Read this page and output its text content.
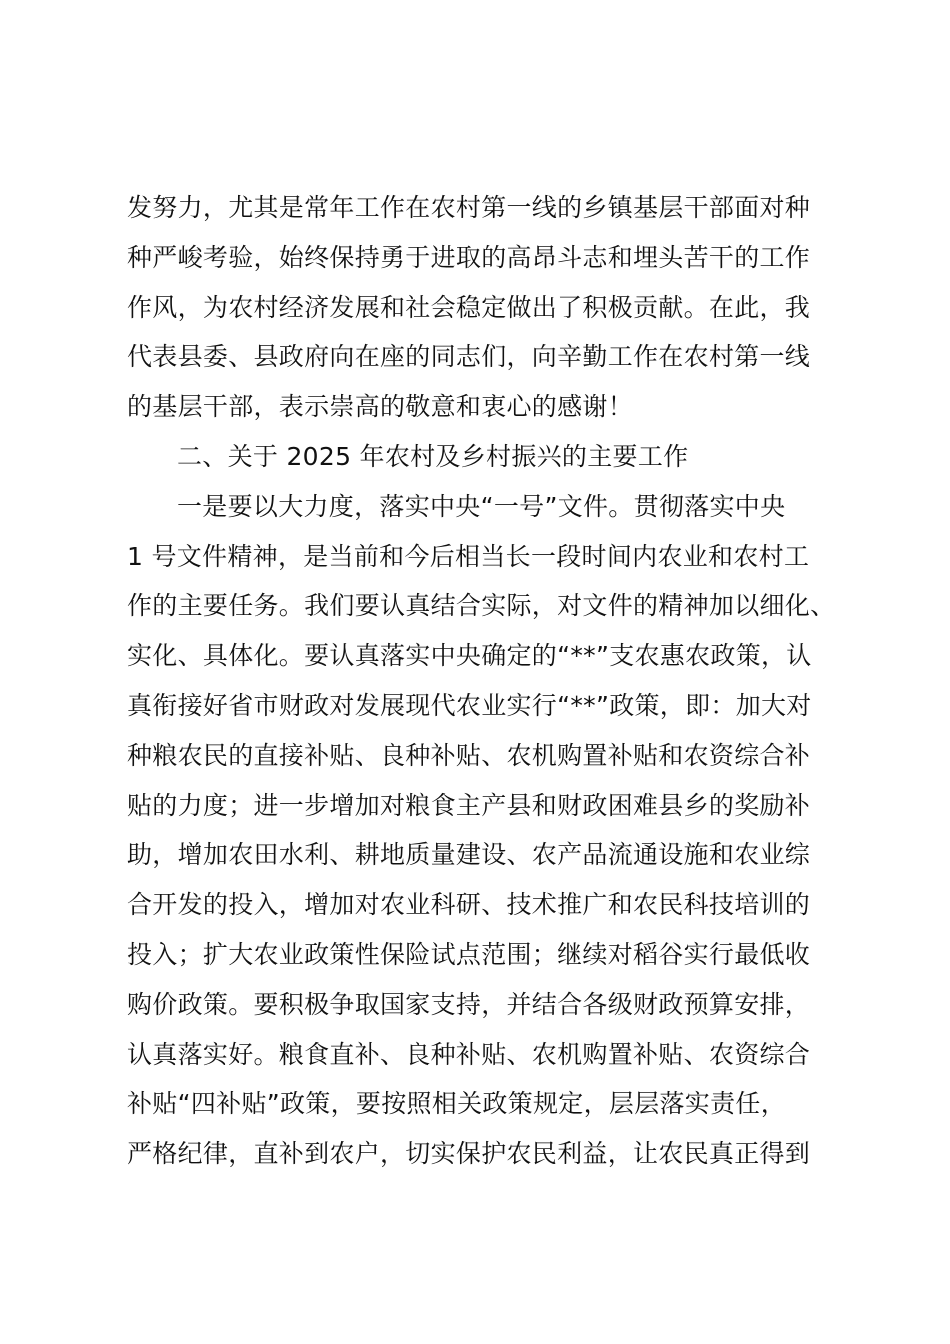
发努力，尤其是常年工作在农村第一线的乡镇基层干部面对种
种严峻考验，始终保持勇于进取的高昂斗志和埋头苦干的工作
作风，为农村经济发展和社会稳定做出了积极贡献。在此，我
代表县委、县政府向在座的同志们，向辛勤工作在农村第一线
的基层干部，表示崇高的敬意和衷心的感谢！
二、关于 2025 年农村及乡村振兴的主要工作
一是要以大力度，落实中央“一号”文件。贯彻落实中央
1 号文件精神，是当前和今后相当长一段时间内农业和农村工
作的主要任务。我们要认真结合实际，对文件的精神加以细化、
实化、具体化。要认真落实中央确定的“**”支农惠农政策，认
真衔接好省市财政对发展现代农业实行“**”政策，即：加大对
种粮农民的直接补贴、良种补贴、农机购置补贴和农资综合补
贴的力度；进一步增加对粮食主产县和财政困难县乡的奖励补
助，增加农田水利、耕地质量建设、农产品流通设施和农业综
合开发的投入，增加对农业科研、技术推广和农民科技培训的
投入；扩大农业政策性保险试点范围；继续对稻谷实行最低收
购价政策。要积极争取国家支持，并结合各级财政预算安排，
认真落实好。粮食直补、良种补贴、农机购置补贴、农资综合
补贴“四补贴”政策，要按照相关政策规定，层层落实责任，
严格纪律，直补到农户，切实保护农民利益，让农民真正得到
